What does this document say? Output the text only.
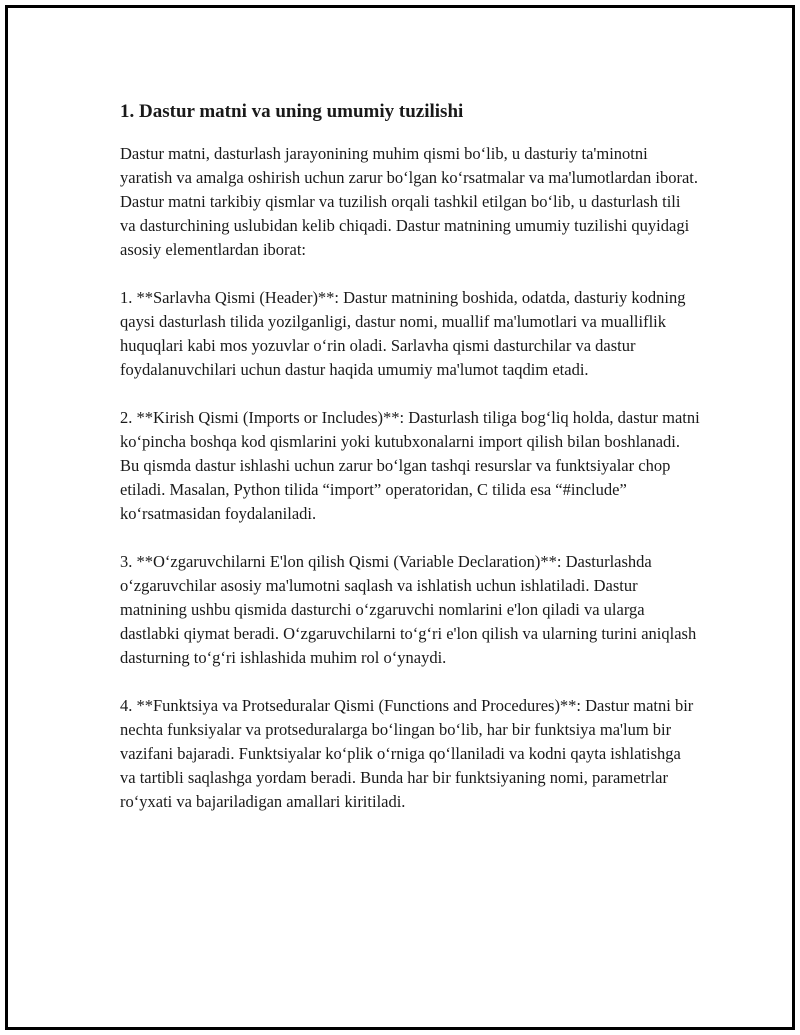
1. Dastur matni va uning umumiy tuzilishi

Dastur matni, dasturlash jarayonining muhim qismi bo‘lib, u dasturiy ta'minotni yaratish va amalga oshirish uchun zarur bo‘lgan ko‘rsatmalar va ma'lumotlardan iborat. Dastur matni tarkibiy qismlar va tuzilish orqali tashkil etilgan bo‘lib, u dasturlash tili va dasturchining uslubidan kelib chiqadi. Dastur matnining umumiy tuzilishi quyidagi asosiy elementlardan iborat:

1. **Sarlavha Qismi (Header)**: Dastur matnining boshida, odatda, dasturiy kodning qaysi dasturlash tilida yozilganligi, dastur nomi, muallif ma'lumotlari va mualliflik huquqlari kabi mos yozuvlar o‘rin oladi. Sarlavha qismi dasturchilar va dastur foydalanuvchilari uchun dastur haqida umumiy ma'lumot taqdim etadi.

2. **Kirish Qismi (Imports or Includes)**: Dasturlash tiliga bog‘liq holda, dastur matni ko‘pincha boshqa kod qismlarini yoki kutubxonalarni import qilish bilan boshlanadi. Bu qismda dastur ishlashi uchun zarur bo‘lgan tashqi resurslar va funktsiyalar chop etiladi. Masalan, Python tilida “import” operatoridan, C tilida esa “#include” ko‘rsatmasidan foydalaniladi.

3. **O‘zgaruvchilarni E'lon qilish Qismi (Variable Declaration)**: Dasturlashda o‘zgaruvchilar asosiy ma'lumotni saqlash va ishlatish uchun ishlatiladi. Dastur matnining ushbu qismida dasturchi o‘zgaruvchi nomlarini e'lon qiladi va ularga dastlabki qiymat beradi. O‘zgaruvchilarni to‘g‘ri e'lon qilish va ularning turini aniqlash dasturning to‘g‘ri ishlashida muhim rol o‘ynaydi.

4. **Funktsiya va Protseduralar Qismi (Functions and Procedures)**: Dastur matni bir nechta funksiyalar va protseduralarga bo‘lingan bo‘lib, har bir funktsiya ma'lum bir vazifani bajaradi. Funktsiyalar ko‘plik o‘rniga qo‘llaniladi va kodni qayta ishlatishga va tartibli saqlashga yordam beradi. Bunda har bir funktsiyaning nomi, parametrlar ro‘yxati va bajariladigan amallari kiritiladi.
